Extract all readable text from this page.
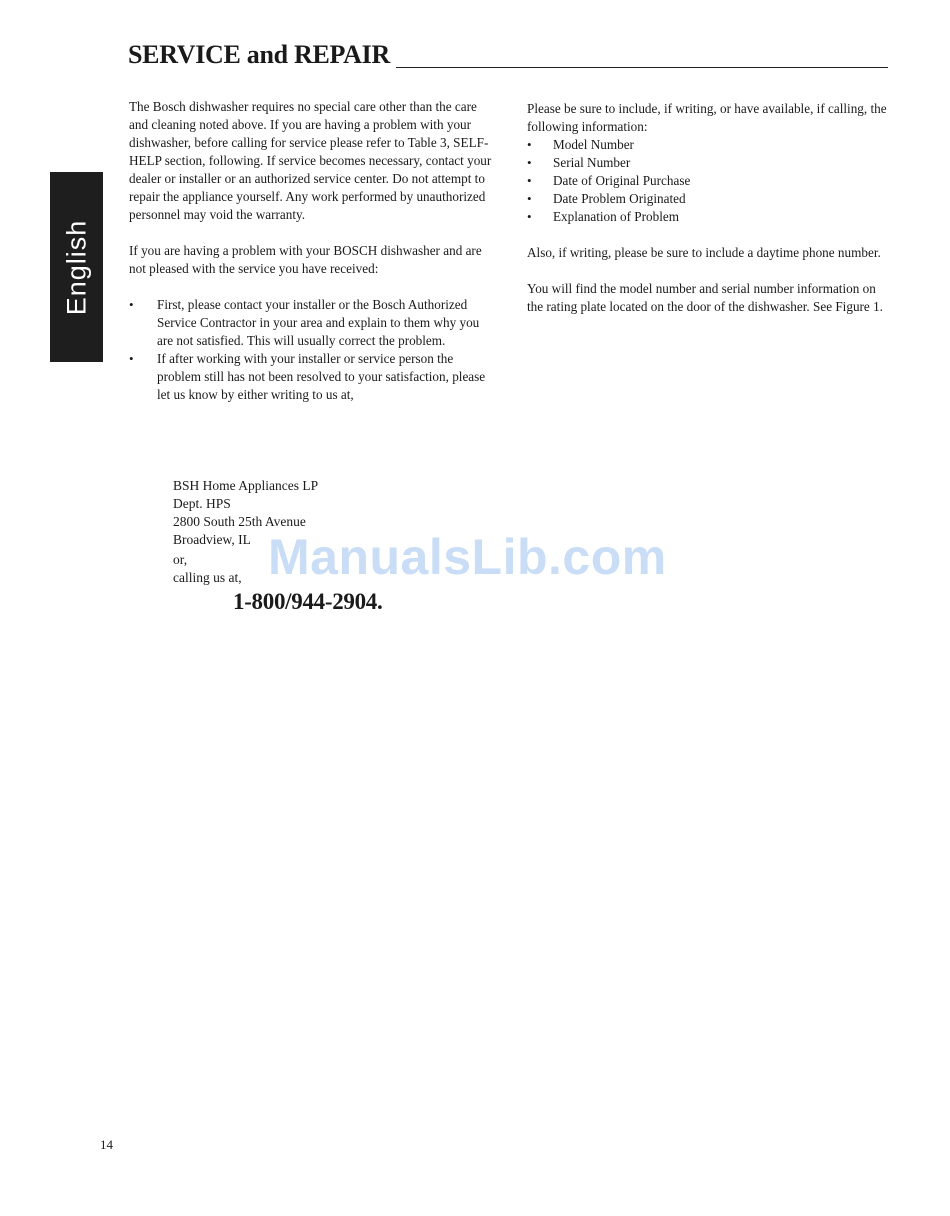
SERVICE and REPAIR
English

The Bosch dishwasher requires no special care other than the care and cleaning noted above. If you are having a problem with your dishwasher, before calling for service please refer to Table 3, SELF-HELP section, following. If service becomes necessary, contact your dealer or installer or an authorized service center. Do not attempt to repair the appliance yourself. Any work performed by unauthorized personnel may void the warranty.

If you are having a problem with your BOSCH dishwasher and are not pleased with the service you have received:

• First, please contact your installer or the Bosch Authorized Service Contractor in your area and explain to them why you are not satisfied. This will usually correct the problem.
• If after working with your installer or service person the problem still has not been resolved to your satisfaction, please let us know by either writing to us at,
BSH Home Appliances LP
Dept. HPS
2800 South 25th Avenue
Broadview, IL
or,
calling us at,
1-800/944-2904.

Please be sure to include, if writing, or have available, if calling, the following information:

• Model Number
• Serial Number
• Date of Original Purchase
• Date Problem Originated
• Explanation of Problem

Also, if writing, please be sure to include a daytime phone number.

You will find the model number and serial number information on the rating plate located on the door of the dishwasher. See Figure 1.

ManualsLib.com
14
